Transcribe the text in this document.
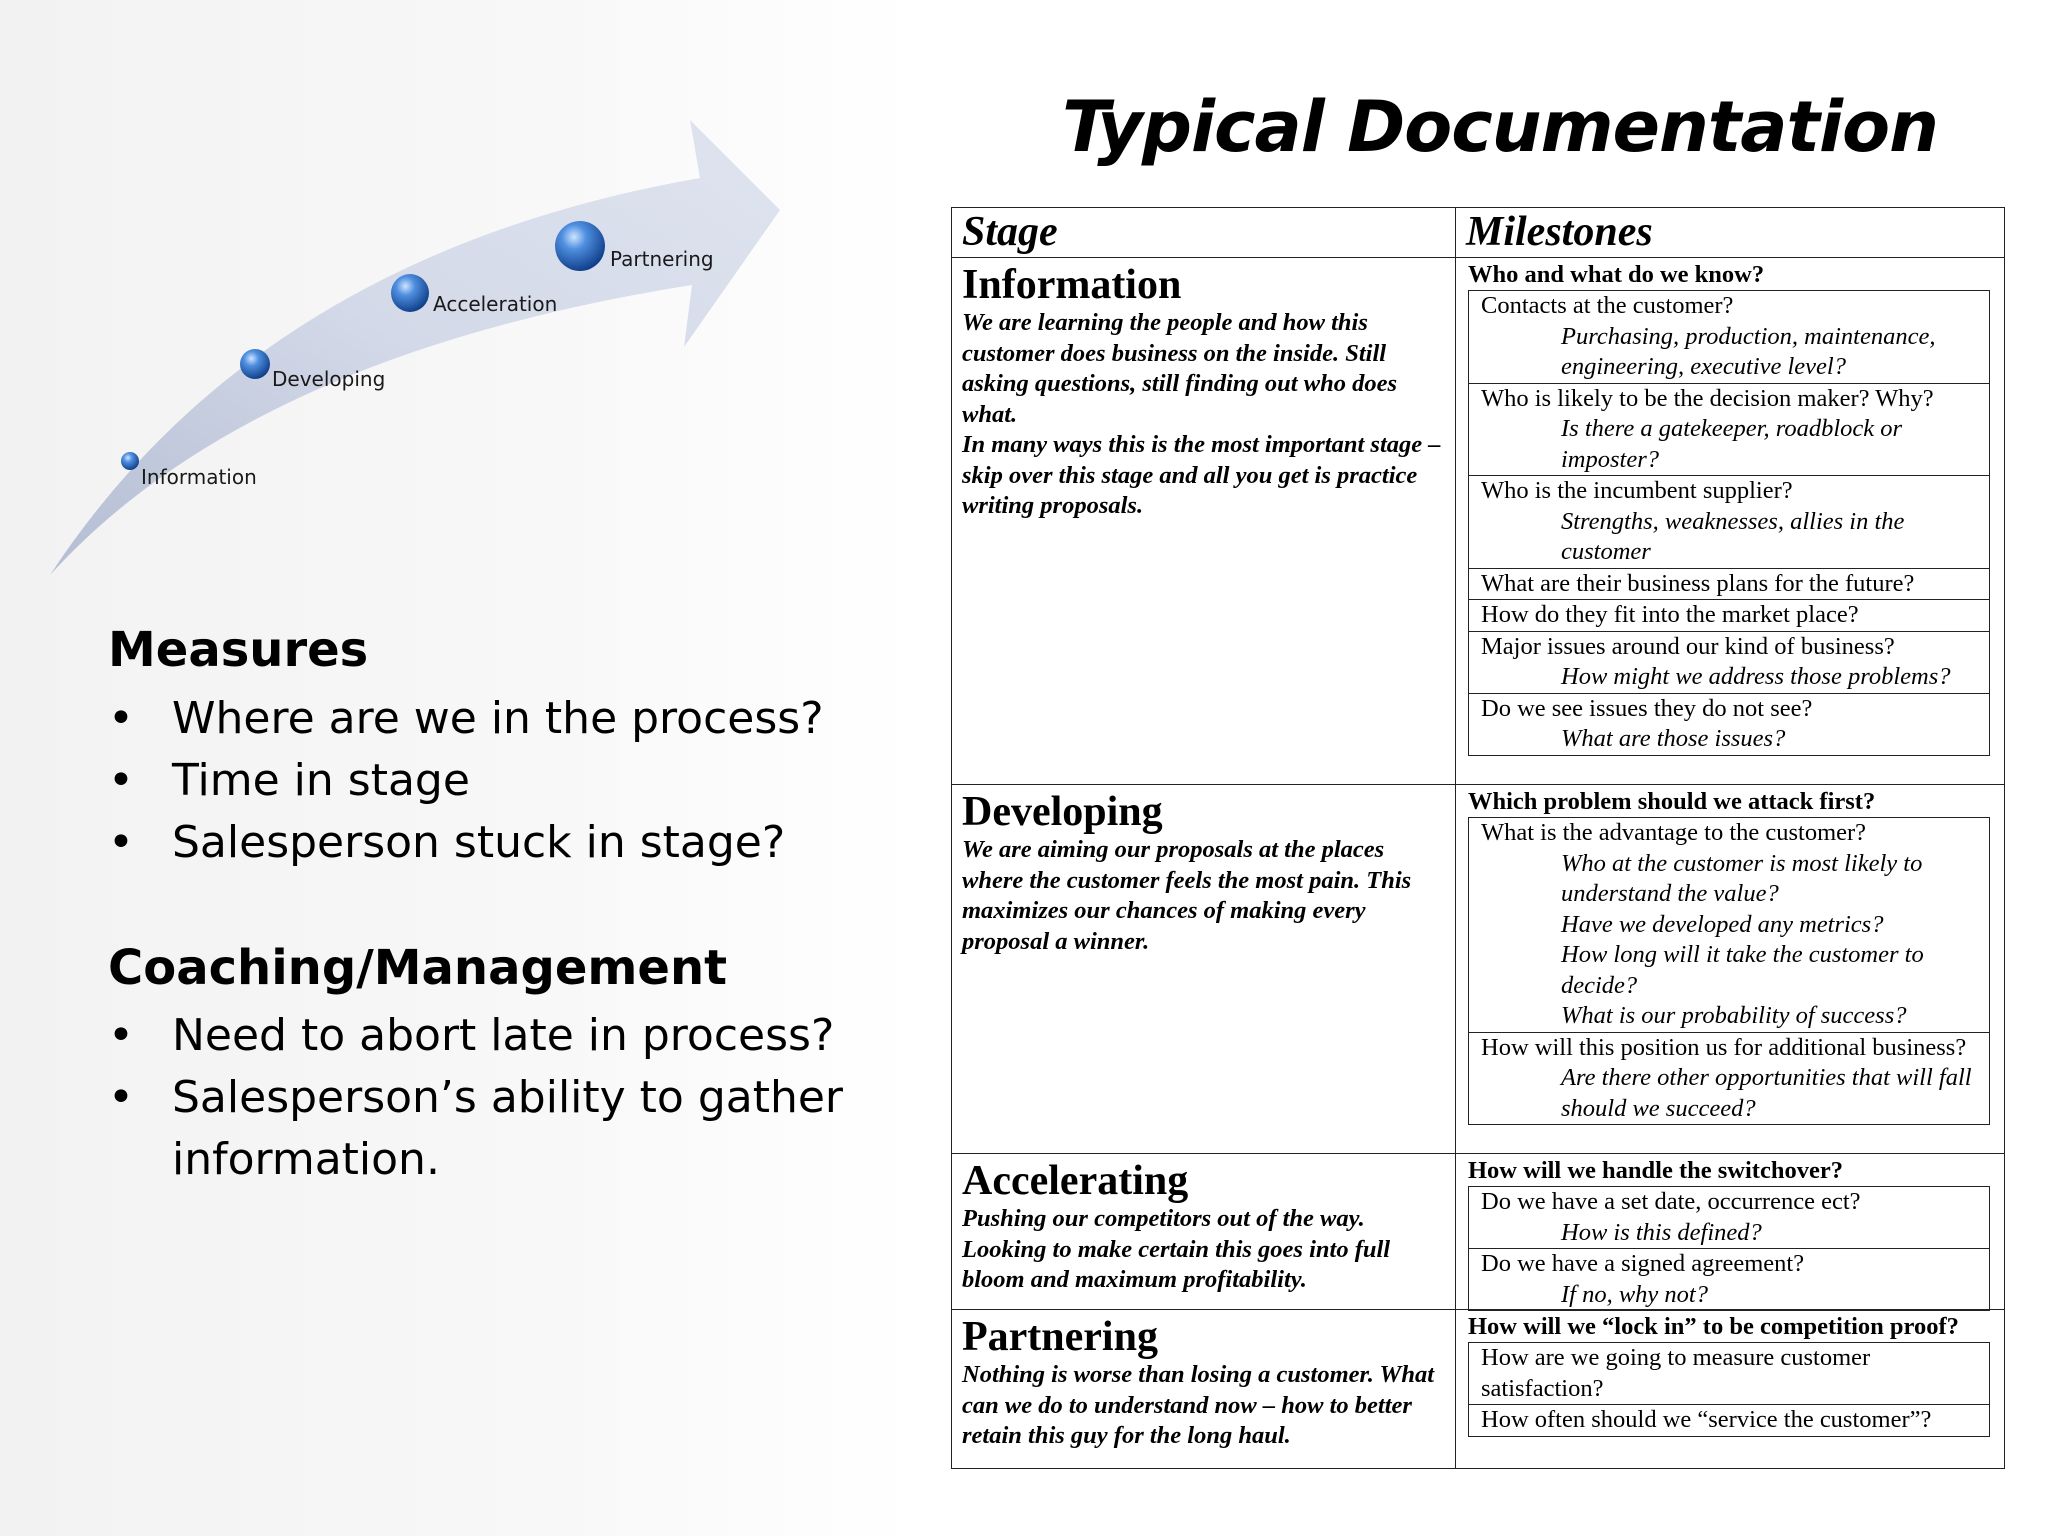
Information
Developing
Acceleration
Partnering
Measures
• Where are we in the process?
• Time in stage
• Salesperson stuck in stage?
Coaching/Management
• Need to abort late in process?
• Salesperson’s ability to gather information.
Typical Documentation
Stage	Milestones
Information
We are learning the people and how this customer does business on the inside. Still asking questions, still finding out who does what.
In many ways this is the most important stage – skip over this stage and all you get is practice writing proposals.
Who and what do we know?
Contacts at the customer?
Purchasing, production, maintenance, engineering, executive level?
Who is likely to be the decision maker? Why?
Is there a gatekeeper, roadblock or imposter?
Who is the incumbent supplier?
Strengths, weaknesses, allies in the customer
What are their business plans for the future?
How do they fit into the market place?
Major issues around our kind of business?
How might we address those problems?
Do we see issues they do not see?
What are those issues?
Developing
We are aiming our proposals at the places where the customer feels the most pain. This maximizes our chances of making every proposal a winner.
Which problem should we attack first?
What is the advantage to the customer?
Who at the customer is most likely to understand the value?
Have we developed any metrics?
How long will it take the customer to decide?
What is our probability of success?
How will this position us for additional business?
Are there other opportunities that will fall should we succeed?
Accelerating
Pushing our competitors out of the way. Looking to make certain this goes into full bloom and maximum profitability.
How will we handle the switchover?
Do we have a set date, occurrence ect?
How is this defined?
Do we have a signed agreement?
If no, why not?
Partnering
Nothing is worse than losing a customer. What can we do to understand now – how to better retain this guy for the long haul.
How will we “lock in” to be competition proof?
How are we going to measure customer satisfaction?
How often should we “service the customer”?
